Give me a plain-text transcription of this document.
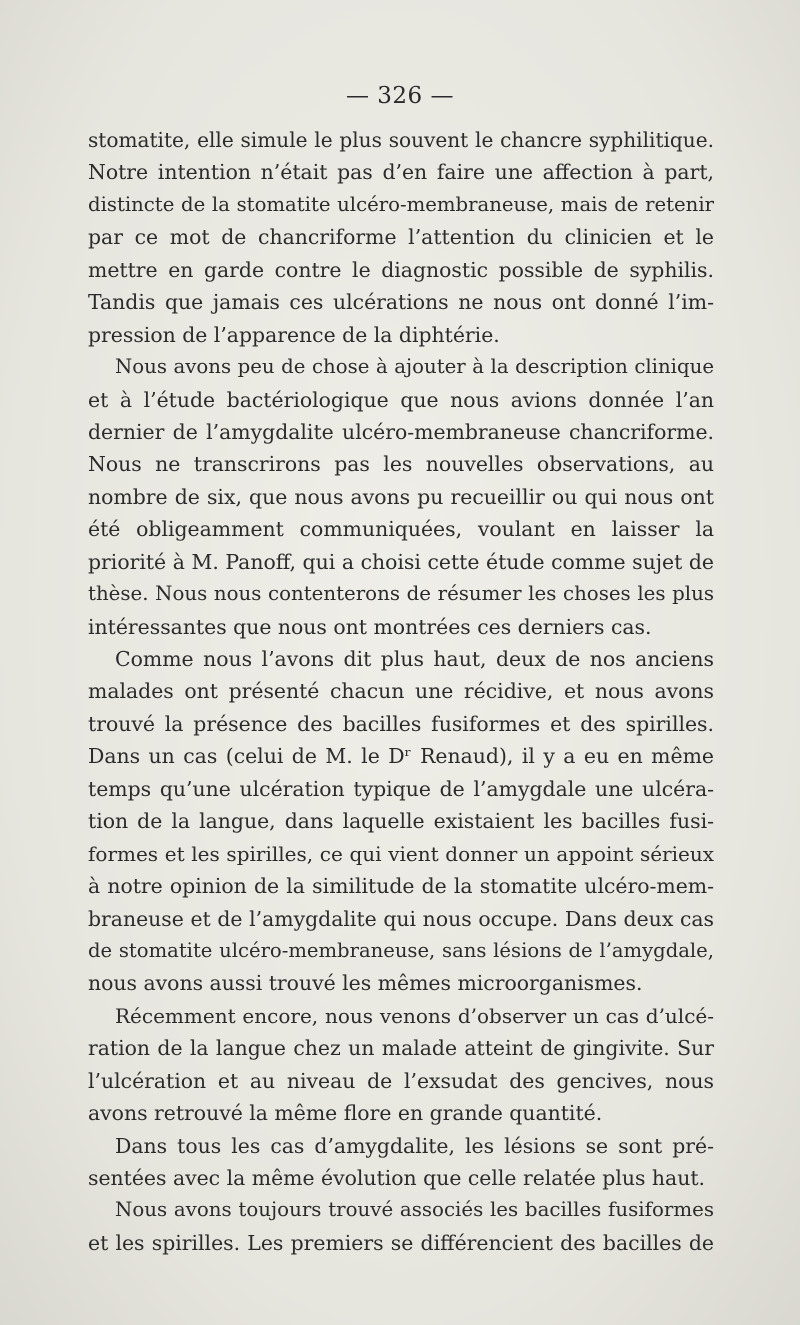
— 326 —
stomatite, elle simule le plus souvent le chancre syphilitique.
Notre intention n’était pas d’en faire une affection à part,
distincte de la stomatite ulcéro-membraneuse, mais de retenir
par ce mot de chancriforme l’attention du clinicien et le
mettre en garde contre le diagnostic possible de syphilis.
Tandis que jamais ces ulcérations ne nous ont donné l’im-
pression de l’apparence de la diphtérie.
Nous avons peu de chose à ajouter à la description clinique
et à l’étude bactériologique que nous avions donnée l’an
dernier de l’amygdalite ulcéro-membraneuse chancriforme.
Nous ne transcrirons pas les nouvelles observations, au
nombre de six, que nous avons pu recueillir ou qui nous ont
été obligeamment communiquées, voulant en laisser la
priorité à M. Panoff, qui a choisi cette étude comme sujet de
thèse. Nous nous contenterons de résumer les choses les plus
intéressantes que nous ont montrées ces derniers cas.
Comme nous l’avons dit plus haut, deux de nos anciens
malades ont présenté chacun une récidive, et nous avons
trouvé la présence des bacilles fusiformes et des spirilles.
Dans un cas (celui de M. le Dʳ Renaud), il y a eu en même
temps qu’une ulcération typique de l’amygdale une ulcéra-
tion de la langue, dans laquelle existaient les bacilles fusi-
formes et les spirilles, ce qui vient donner un appoint sérieux
à notre opinion de la similitude de la stomatite ulcéro-mem-
braneuse et de l’amygdalite qui nous occupe. Dans deux cas
de stomatite ulcéro-membraneuse, sans lésions de l’amygdale,
nous avons aussi trouvé les mêmes microorganismes.
Récemment encore, nous venons d’observer un cas d’ulcé-
ration de la langue chez un malade atteint de gingivite. Sur
l’ulcération et au niveau de l’exsudat des gencives, nous
avons retrouvé la même flore en grande quantité.
Dans tous les cas d’amygdalite, les lésions se sont pré-
sentées avec la même évolution que celle relatée plus haut.
Nous avons toujours trouvé associés les bacilles fusiformes
et les spirilles. Les premiers se différencient des bacilles de
